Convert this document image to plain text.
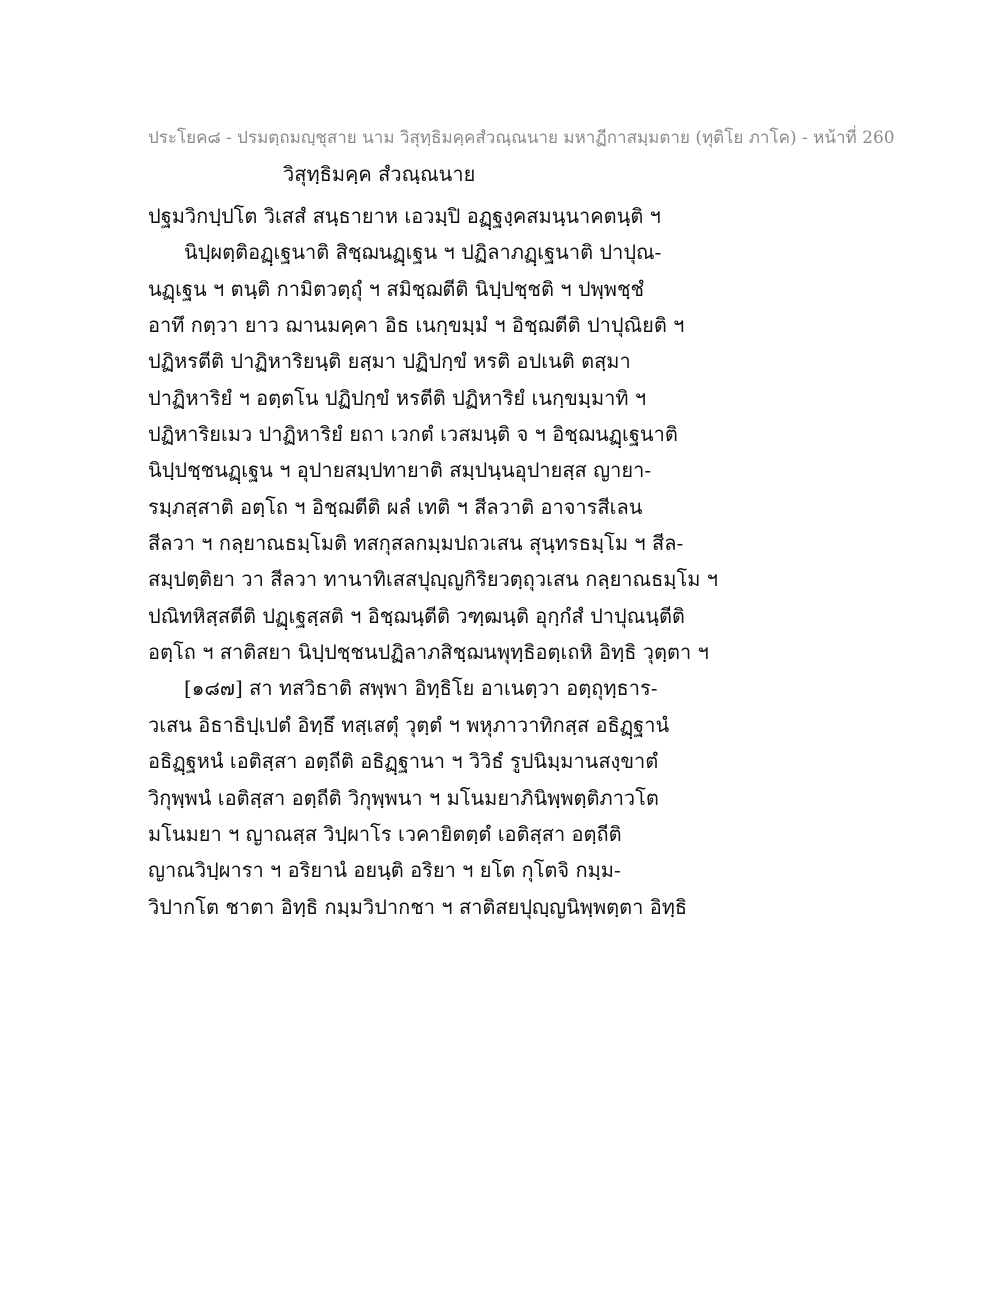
ประโยค๘ - ปรมตฺถมญฺชุสาย นาม วิสุทฺธิมคฺคสํวณฺณนาย มหาฏีกาสมฺมตาย (ทุติโย ภาโค) - หน้าที่ 260
วิสุทฺธิมคฺค สํวณฺณนาย
ปฐมวิกปฺปโต วิเสสํ สนฺธายาห เอวมฺปิ อฏฺฐงฺคสมนฺนาคตนฺติ ฯ
นิปฺผตฺติอฏฺเฐนาติ สิชฺฌนฏฺเฐน ฯ ปฏิลาภฏฺเฐนาติ ปาปุณ-
นฏฺเฐน ฯ ตนฺติ กามิตวตฺถุํ ฯ สมิชฺฌตีติ นิปฺปชฺชติ ฯ ปพฺพชฺชํ
อาทึ กตฺวา ยาว ฌานมคฺคา อิธ เนกฺขมฺมํ ฯ อิชฺฌตีติ ปาปุณิยติ ฯ
ปฏิหรตีติ ปาฏิหาริยนฺติ ยสฺมา ปฏิปกฺขํ หรติ อปเนติ ตสฺมา
ปาฏิหาริยํ ฯ อตฺตโน ปฏิปกฺขํ หรตีติ ปฏิหาริยํ เนกฺขมฺมาทิ ฯ
ปฏิหาริยเมว ปาฏิหาริยํ ยถา เวกตํ เวสมนฺติ จ ฯ อิชฺฌนฏฺเฐนาติ
นิปฺปชฺชนฏฺเฐน ฯ อุปายสมฺปทายาติ สมฺปนฺนอุปายสฺส ญายา-
รมฺภสฺสาติ อตฺโถ ฯ อิชฺฌตีติ ผลํ เทติ ฯ สีลวาติ อาจารสีเลน
สีลวา ฯ กลฺยาณธมฺโมติ ทสกุสลกมฺมปถวเสน สุนฺทรธมฺโม ฯ สีล-
สมฺปตฺติยา วา สีลวา ทานาทิเสสปุญฺญกิริยวตฺถุวเสน กลฺยาณธมฺโม ฯ
ปณิทหิสฺสตีติ ปฏฺเฐสฺสติ ฯ อิชฺฌนฺตีติ วฑฺฒนฺติ อุกฺกํสํ ปาปุณนฺตีติ
อตฺโถ ฯ สาติสยา นิปฺปชฺชนปฏิลาภสิชฺฌนพุทฺธิอตฺเถหิ อิทฺธิ วุตฺตา ฯ
[๑๘๗] สา ทสวิธาติ สพฺพา อิทฺธิโย อาเนตฺวา อตฺถุทฺธาร-
วเสน อิธาธิปฺเปตํ อิทฺธึ ทสฺเสตุํ วุตฺตํ ฯ พหุภาวาทิกสฺส อธิฏฺฐานํ
อธิฏฺฐหนํ เอติสฺสา อตฺถีติ อธิฏฺฐานา ฯ วิวิธํ รูปนิมฺมานสงฺขาตํ
วิกุพฺพนํ เอติสฺสา อตฺถีติ วิกุพฺพนา ฯ มโนมยาภินิพฺพตฺติภาวโต
มโนมยา ฯ ญาณสฺส วิปฺผาโร เวคายิตตฺตํ เอติสฺสา อตฺถีติ
ญาณวิปฺผารา ฯ อริยานํ อยนฺติ อริยา ฯ ยโต กุโตจิ กมฺม-
วิปากโต ชาตา อิทฺธิ กมฺมวิปากชา ฯ สาติสยปุญฺญนิพฺพตฺตา อิทฺธิ
